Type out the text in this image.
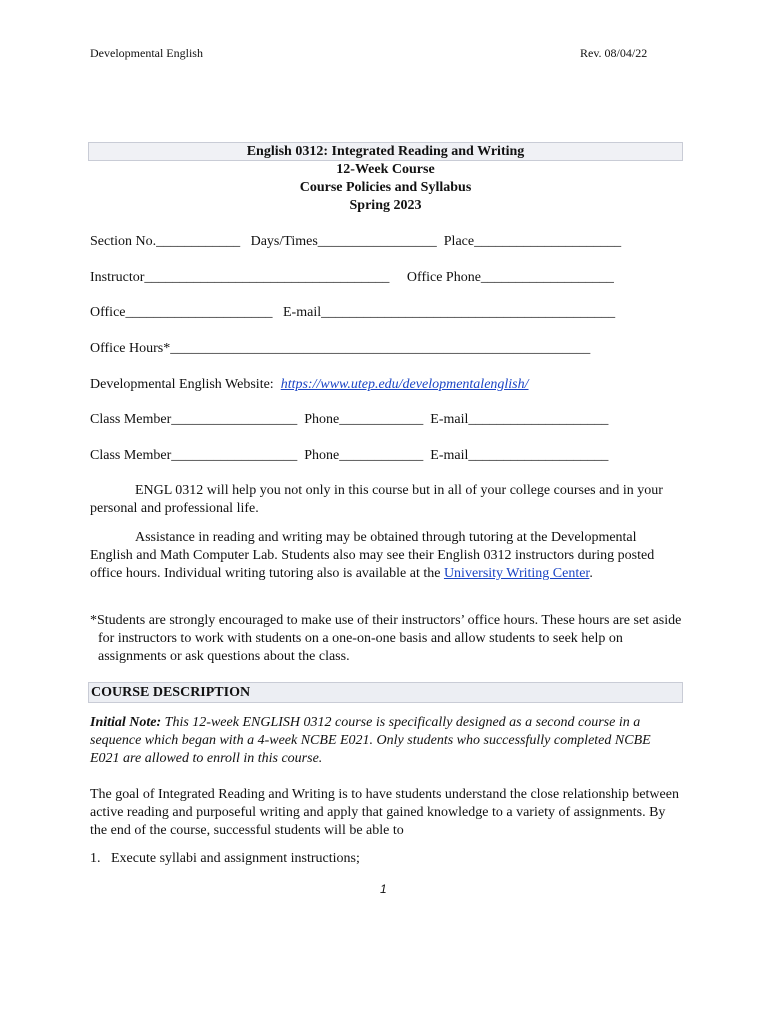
Developmental English	Rev. 08/04/22
English 0312: Integrated Reading and Writing
12-Week Course
Course Policies and Syllabus
Spring 2023
Section No.____________   Days/Times_________________  Place_____________________
Instructor___________________________________     Office Phone___________________
Office_____________________   E-mail__________________________________________
Office Hours*____________________________________________________________
Developmental English Website:  https://www.utep.edu/developmentalenglish/
Class Member__________________  Phone____________  E-mail____________________
Class Member__________________  Phone____________  E-mail____________________
ENGL 0312 will help you not only in this course but in all of your college courses and in your personal and professional life.
Assistance in reading and writing may be obtained through tutoring at the Developmental English and Math Computer Lab. Students also may see their English 0312 instructors during posted office hours. Individual writing tutoring also is available at the University Writing Center.
*Students are strongly encouraged to make use of their instructors’ office hours. These hours are set aside for instructors to work with students on a one-on-one basis and allow students to seek help on assignments or ask questions about the class.
COURSE DESCRIPTION
Initial Note: This 12-week ENGLISH 0312 course is specifically designed as a second course in a sequence which began with a 4-week NCBE E021. Only students who successfully completed NCBE E021 are allowed to enroll in this course.
The goal of Integrated Reading and Writing is to have students understand the close relationship between active reading and purposeful writing and apply that gained knowledge to a variety of assignments. By the end of the course, successful students will be able to
1.   Execute syllabi and assignment instructions;
1
